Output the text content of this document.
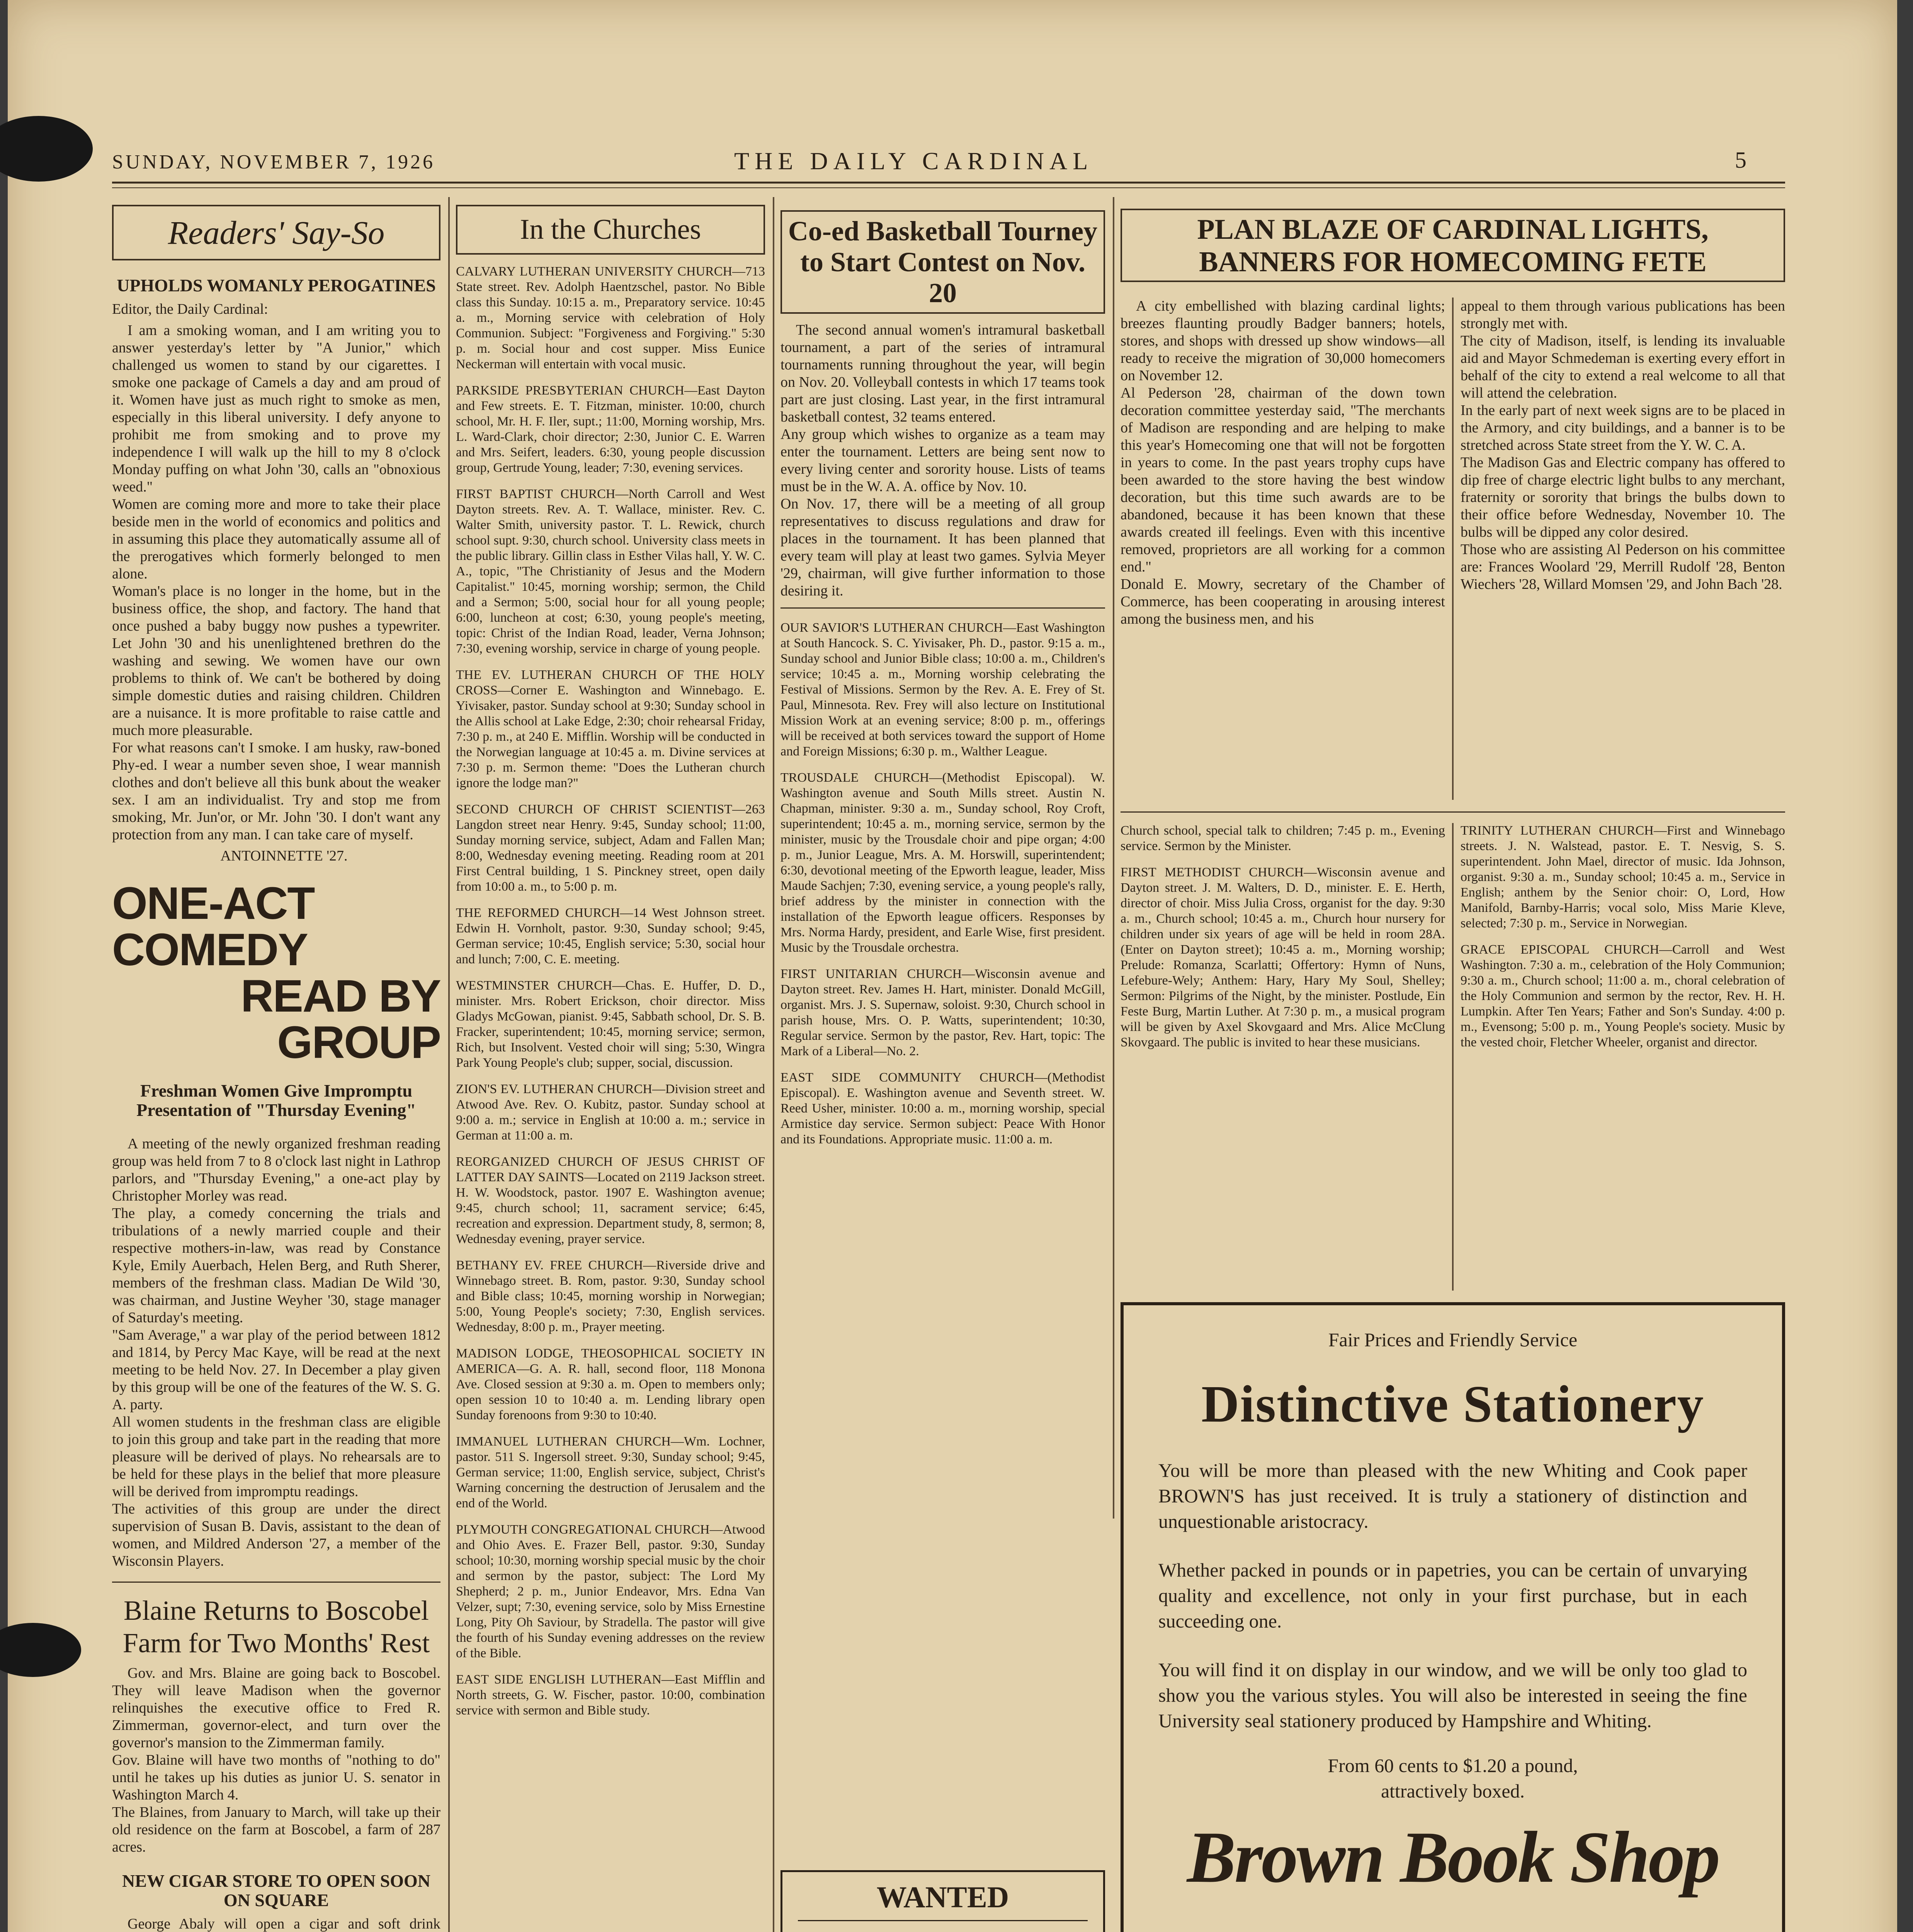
SUNDAY, NOVEMBER 7, 1926	THE DAILY CARDINAL	5
Readers' Say-So
UPHOLDS WOMANLY PEROGATINES

Editor, the Daily Cardinal:

I am a smoking woman, and I am writing you to answer yesterday's letter by "A Junior," which challenged us women to stand by our cigarettes. I smoke one package of Camels a day and am proud of it. Women have just as much right to smoke as men, especially in this liberal university. I defy anyone to prohibit me from smoking and to prove my independence I will walk up the hill to my 8 o'clock Monday puffing on what John '30, calls an "obnoxious weed."
Women are coming more and more to take their place beside men in the world of economics and politics and in assuming this place they automatically assume all of the prerogatives which formerly belonged to men alone.
Woman's place is no longer in the home, but in the business office, the shop, and factory. The hand that once pushed a baby buggy now pushes a typewriter. Let John '30 and his unenlightened brethren do the washing and sewing. We women have our own problems to think of. We can't be bothered by doing simple domestic duties and raising children. Children are a nuisance. It is more profitable to raise cattle and much more pleasurable.
For what reasons can't I smoke. I am husky, raw-boned Phy-ed. I wear a number seven shoe, I wear mannish clothes and don't believe all this bunk about the weaker sex. I am an individualist. Try and stop me from smoking, Mr. Jun'or, or Mr. John '30. I don't want any protection from any man. I can take care of myself.

ANTOINNETTE '27.

ONE-ACT COMEDY
READ BY GROUP
Freshman Women Give Impromptu Presentation of "Thursday Evening"

A meeting of the newly organized freshman reading group was held from 7 to 8 o'clock last night in Lathrop parlors, and "Thursday Evening," a one-act play by Christopher Morley was read.
The play, a comedy concerning the trials and tribulations of a newly married couple and their respective mothers-in-law, was read by Constance Kyle, Emily Auerbach, Helen Berg, and Ruth Sherer, members of the freshman class. Madian De Wild '30, was chairman, and Justine Weyher '30, stage manager of Saturday's meeting.
"Sam Average," a war play of the period between 1812 and 1814, by Percy Mac Kaye, will be read at the next meeting to be held Nov. 27. In December a play given by this group will be one of the features of the W. S. G. A. party.
All women students in the freshman class are eligible to join this group and take part in the reading that more pleasure will be derived of plays. No rehearsals are to be held for these plays in the belief that more pleasure will be derived from impromptu readings.
The activities of this group are under the direct supervision of Susan B. Davis, assistant to the dean of women, and Mildred Anderson '27, a member of the Wisconsin Players.

Blaine Returns to Boscobel Farm for Two Months' Rest

Gov. and Mrs. Blaine are going back to Boscobel. They will leave Madison when the governor relinquishes the executive office to Fred R. Zimmerman, governor-elect, and turn over the governor's mansion to the Zimmerman family.
Gov. Blaine will have two months of "nothing to do" until he takes up his duties as junior U. S. senator in Washington March 4.
The Blaines, from January to March, will take up their old residence on the farm at Boscobel, a farm of 287 acres.

NEW CIGAR STORE TO OPEN SOON ON SQUARE

George Abaly will open a cigar and soft drink

In the Churches

CALVARY LUTHERAN UNIVERSITY CHURCH—713 State street. Rev. Adolph Haentzschel, pastor. No Bible class this Sunday. 10:15 a. m., Preparatory service. 10:45 a. m., Morning service with celebration of Holy Communion. Subject: "Forgiveness and Forgiving." 5:30 p. m. Social hour and cost supper. Miss Eunice Neckerman will entertain with vocal music.

PARKSIDE PRESBYTERIAN CHURCH—East Dayton and Few streets. E. T. Fitzman, minister. 10:00, church school, Mr. H. F. Iler, supt.; 11:00, Morning worship, Mrs. L. Ward-Clark, choir director; 2:30, Junior C. E. Warren and Mrs. Seifert, leaders. 6:30, young people discussion group, Gertrude Young, leader; 7:30, evening services.

FIRST BAPTIST CHURCH—North Carroll and West Dayton streets. Rev. A. T. Wallace, minister. Rev. C. Walter Smith, university pastor. T. L. Rewick, church school supt. 9:30, church school. University class meets in the public library. Gillin class in Esther Vilas hall, Y. W. C. A., topic, "The Christianity of Jesus and the Modern Capitalist." 10:45, morning worship; sermon, the Child and a Sermon; 5:00, social hour for all young people; 6:00, luncheon at cost; 6:30, young people's meeting, topic: Christ of the Indian Road, leader, Verna Johnson; 7:30, evening worship, service in charge of young people.

THE EV. LUTHERAN CHURCH OF THE HOLY CROSS—Corner E. Washington and Winnebago. E. Yivisaker, pastor. Sunday school at 9:30; Sunday school in the Allis school at Lake Edge, 2:30; choir rehearsal Friday, 7:30 p. m., at 240 E. Mifflin. Worship will be conducted in the Norwegian language at 10:45 a. m. Divine services at 7:30 p. m. Sermon theme: "Does the Lutheran church ignore the lodge man?"

SECOND CHURCH OF CHRIST SCIENTIST—263 Langdon street near Henry. 9:45, Sunday school; 11:00, Sunday morning service, subject, Adam and Fallen Man; 8:00, Wednesday evening meeting. Reading room at 201 First Central building, 1 S. Pinckney street, open daily from 10:00 a. m., to 5:00 p. m.

THE REFORMED CHURCH—14 West Johnson street. Edwin H. Vornholt, pastor. 9:30, Sunday school; 9:45, German service; 10:45, English service; 5:30, social hour and lunch; 7:00, C. E. meeting.

WESTMINSTER CHURCH—Chas. E. Huffer, D. D., minister. Mrs. Robert Erickson, choir director. Miss Gladys McGowan, pianist. 9:45, Sabbath school, Dr. S. B. Fracker, superintendent; 10:45, morning service; sermon, Rich, but Insolvent. Vested choir will sing; 5:30, Wingra Park Young People's club; supper, social, discussion.

ZION'S EV. LUTHERAN CHURCH—Division street and Atwood Ave. Rev. O. Kubitz, pastor. Sunday school at 9:00 a. m.; service in English at 10:00 a. m.; service in German at 11:00 a. m.

REORGANIZED CHURCH OF JESUS CHRIST OF LATTER DAY SAINTS—Located on 2119 Jackson street. H. W. Woodstock, pastor. 1907 E. Washington avenue; 9:45, church school; 11, sacrament service; 6:45, recreation and expression. Department study, 8, sermon; 8, Wednesday evening, prayer service.

BETHANY EV. FREE CHURCH—Riverside drive and Winnebago street. B. Rom, pastor. 9:30, Sunday school and Bible class; 10:45, morning worship in Norwegian; 5:00, Young People's society; 7:30, English services. Wednesday, 8:00 p. m., Prayer meeting.

MADISON LODGE, THEOSOPHICAL SOCIETY IN AMERICA—G. A. R. hall, second floor, 118 Monona Ave. Closed session at 9:30 a. m. Open to members only; open session 10 to 10:40 a. m. Lending library open Sunday forenoons from 9:30 to 10:40.

IMMANUEL LUTHERAN CHURCH—Wm. Lochner, pastor. 511 S. Ingersoll street. 9:30, Sunday school; 9:45, German service; 11:00, English service, subject, Christ's Warning concerning the destruction of Jerusalem and the end of the World.

PLYMOUTH CONGREGATIONAL CHURCH—Atwood and Ohio Aves. E. Frazer Bell, pastor. 9:30, Sunday school; 10:30, morning worship special music by the choir and sermon by the pastor, subject: The Lord My Shepherd; 2 p. m., Junior Endeavor, Mrs. Edna Van Velzer, supt; 7:30, evening service, solo by Miss Ernestine Long, Pity Oh Saviour, by Stradella. The pastor will give the fourth of his Sunday evening addresses on the review of the Bible.

EAST SIDE ENGLISH LUTHERAN—East Mifflin and North streets, G. W. Fischer, pastor. 10:00, combination service with sermon and Bible study.

Co-ed Basketball Tourney to Start Contest on Nov. 20

The second annual women's intramural basketball tournament, a part of the series of intramural tournaments running throughout the year, will begin on Nov. 20. Volleyball contests in which 17 teams took part are just closing. Last year, in the first intramural basketball contest, 32 teams entered.
Any group which wishes to organize as a team may enter the tournament. Letters are being sent now to every living center and sorority house. Lists of teams must be in the W. A. A. office by Nov. 10.
On Nov. 17, there will be a meeting of all group representatives to discuss regulations and draw for places in the tournament. It has been planned that every team will play at least two games. Sylvia Meyer '29, chairman, will give further information to those desiring it.

OUR SAVIOR'S LUTHERAN CHURCH—East Washington at South Hancock. S. C. Yivisaker, Ph. D., pastor. 9:15 a. m., Sunday school and Junior Bible class; 10:00 a. m., Children's service; 10:45 a. m., Morning worship celebrating the Festival of Missions. Sermon by the Rev. A. E. Frey of St. Paul, Minnesota. Rev. Frey will also lecture on Institutional Mission Work at an evening service; 8:00 p. m., offerings will be received at both services toward the support of Home and Foreign Missions; 6:30 p. m., Walther League.

TROUSDALE CHURCH—(Methodist Episcopal). W. Washington avenue and South Mills street. Austin N. Chapman, minister. 9:30 a. m., Sunday school, Roy Croft, superintendent; 10:45 a. m., morning service, sermon by the minister, music by the Trousdale choir and pipe organ; 4:00 p. m., Junior League, Mrs. A. M. Horswill, superintendent; 6:30, devotional meeting of the Epworth league, leader, Miss Maude Sachjen; 7:30, evening service, a young people's rally, brief address by the minister in connection with the installation of the Epworth league officers. Responses by Mrs. Norma Hardy, president, and Earle Wise, first president. Music by the Trousdale orchestra.

FIRST UNITARIAN CHURCH—Wisconsin avenue and Dayton street. Rev. James H. Hart, minister. Donald McGill, organist. Mrs. J. S. Supernaw, soloist. 9:30, Church school in parish house, Mrs. O. P. Watts, superintendent; 10:30, Regular service. Sermon by the pastor, Rev. Hart, topic: The Mark of a Liberal—No. 2.

EAST SIDE COMMUNITY CHURCH—(Methodist Episcopal). E. Washington avenue and Seventh street. W. Reed Usher, minister. 10:00 a. m., morning worship, special Armistice day service. Sermon subject: Peace With Honor and its Foundations. Appropriate music. 11:00 a. m.

WANTED
PLAN BLAZE OF CARDINAL LIGHTS, BANNERS FOR HOMECOMING FETE

A city embellished with blazing cardinal lights; breezes flaunting proudly Badger banners; hotels, stores, and shops with dressed up show windows—all ready to receive the migration of 30,000 homecomers on November 12.
Al Pederson '28, chairman of the down town decoration committee yesterday said, "The merchants of Madison are responding and are helping to make this year's Homecoming one that will not be forgotten in years to come. In the past years trophy cups have been awarded to the store having the best window decoration, but this time such awards are to be abandoned, because it has been known that these awards created ill feelings. Even with this incentive removed, proprietors are all working for a common end."
Donald E. Mowry, secretary of the Chamber of Commerce, has been cooperating in arousing interest among the business men, and his

appeal to them through various publications has been strongly met with.
The city of Madison, itself, is lending its invaluable aid and Mayor Schmedeman is exerting every effort in behalf of the city to extend a real welcome to all that will attend the celebration.
In the early part of next week signs are to be placed in the Armory, and city buildings, and a banner is to be stretched across State street from the Y. W. C. A.
The Madison Gas and Electric company has offered to dip free of charge electric light bulbs to any merchant, fraternity or sorority that brings the bulbs down to their office before Wednesday, November 10. The bulbs will be dipped any color desired.
Those who are assisting Al Pederson on his committee are: Frances Woolard '29, Merrill Rudolf '28, Benton Wiechers '28, Willard Momsen '29, and John Bach '28.

Church school, special talk to children; 7:45 p. m., Evening service. Sermon by the Minister.

FIRST METHODIST CHURCH—Wisconsin avenue and Dayton street. J. M. Walters, D. D., minister. E. E. Herth, director of choir. Miss Julia Cross, organist for the day. 9:30 a. m., Church school; 10:45 a. m., Church hour nursery for children under six years of age will be held in room 28A. (Enter on Dayton street); 10:45 a. m., Morning worship; Prelude: Romanza, Scarlatti; Offertory: Hymn of Nuns, Lefebure-Wely; Anthem: Hary, Hary My Soul, Shelley; Sermon: Pilgrims of the Night, by the minister. Postlude, Ein Feste Burg, Martin Luther. At 7:30 p. m., a musical program will be given by Axel Skovgaard and Mrs. Alice McClung Skovgaard. The public is invited to hear these musicians.

TRINITY LUTHERAN CHURCH—First and Winnebago streets. J. N. Walstead, pastor. E. T. Nesvig, S. S. superintendent. John Mael, director of music. Ida Johnson, organist. 9:30 a. m., Sunday school; 10:45 a. m., Service in English; anthem by the Senior choir: O, Lord, How Manifold, Barnby-Harris; vocal solo, Miss Marie Kleve, selected; 7:30 p. m., Service in Norwegian.

GRACE EPISCOPAL CHURCH—Carroll and West Washington. 7:30 a. m., celebration of the Holy Communion; 9:30 a. m., Church school; 11:00 a. m., choral celebration of the Holy Communion and sermon by the rector, Rev. H. H. Lumpkin. After Ten Years; Father and Son's Sunday. 4:00 p. m., Evensong; 5:00 p. m., Young People's society. Music by the vested choir, Fletcher Wheeler, organist and director.

Fair Prices and Friendly Service
Distinctive Stationery

You will be more than pleased with the new Whiting and Cook paper BROWN'S has just received. It is truly a stationery of distinction and unquestionable aristocracy.

Whether packed in pounds or in papetries, you can be certain of unvarying quality and excellence, not only in your first purchase, but in each succeeding one.

You will find it on display in our window, and we will be only too glad to show you the various styles. You will also be interested in seeing the fine University seal stationery produced by Hampshire and Whiting.

From 60 cents to $1.20 a pound, attractively boxed.
Brown Book Shop
